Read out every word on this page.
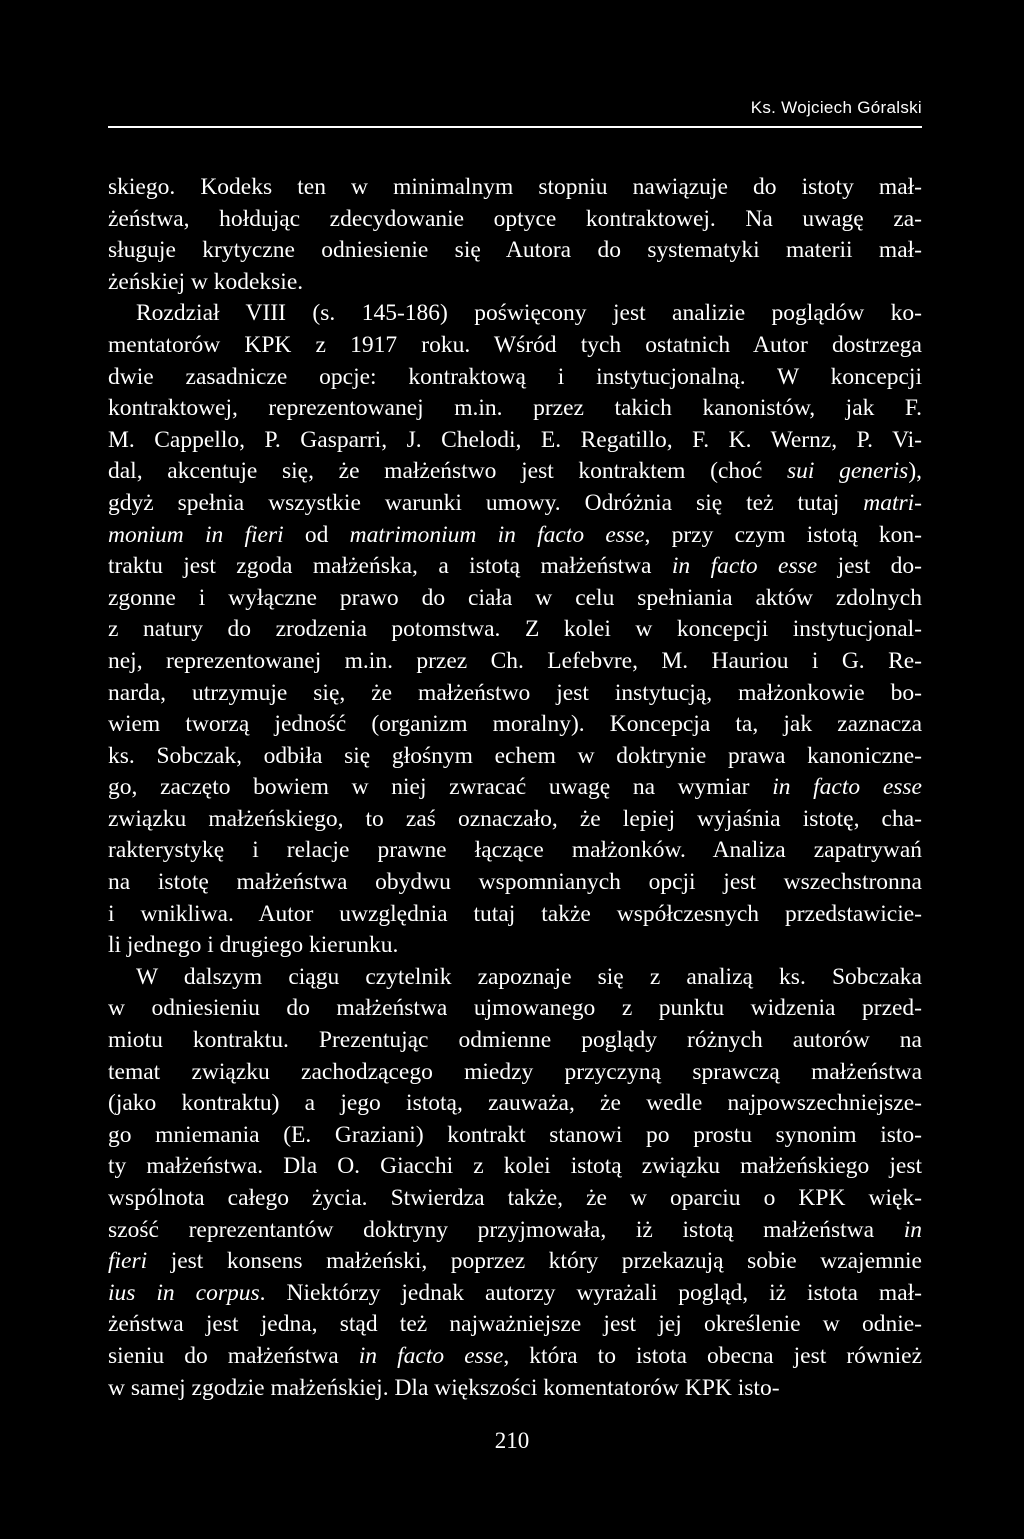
Ks. Wojciech Góralski
skiego. Kodeks ten w minimalnym stopniu nawiązuje do istoty mał-
żeństwa, hołdując zdecydowanie optyce kontraktowej. Na uwagę za-
sługuje krytyczne odniesienie się Autora do systematyki materii mał-
żeńskiej w kodeksie.
Rozdział VIII (s. 145-186) poświęcony jest analizie poglądów ko-
mentatorów KPK z 1917 roku. Wśród tych ostatnich Autor dostrzega
dwie zasadnicze opcje: kontraktową i instytucjonalną. W koncepcji
kontraktowej, reprezentowanej m.in. przez takich kanonistów, jak F.
M. Cappello, P. Gasparri, J. Chelodi, E. Regatillo, F. K. Wernz, P. Vi-
dal, akcentuje się, że małżeństwo jest kontraktem (choć sui generis),
gdyż spełnia wszystkie warunki umowy. Odróżnia się też tutaj matri-
monium in fieri od matrimonium in facto esse, przy czym istotą kon-
traktu jest zgoda małżeńska, a istotą małżeństwa in facto esse jest do-
zgonne i wyłączne prawo do ciała w celu spełniania aktów zdolnych
z natury do zrodzenia potomstwa. Z kolei w koncepcji instytucjonal-
nej, reprezentowanej m.in. przez Ch. Lefebvre, M. Hauriou i G. Re-
narda, utrzymuje się, że małżeństwo jest instytucją, małżonkowie bo-
wiem tworzą jedność (organizm moralny). Koncepcja ta, jak zaznacza
ks. Sobczak, odbiła się głośnym echem w doktrynie prawa kanoniczne-
go, zaczęto bowiem w niej zwracać uwagę na wymiar in facto esse
związku małżeńskiego, to zaś oznaczało, że lepiej wyjaśnia istotę, cha-
rakterystykę i relacje prawne łączące małżonków. Analiza zapatrywań
na istotę małżeństwa obydwu wspomnianych opcji jest wszechstronna
i wnikliwa. Autor uwzględnia tutaj także współczesnych przedstawicie-
li jednego i drugiego kierunku.
W dalszym ciągu czytelnik zapoznaje się z analizą ks. Sobczaka
w odniesieniu do małżeństwa ujmowanego z punktu widzenia przed-
miotu kontraktu. Prezentując odmienne poglądy różnych autorów na
temat związku zachodzącego miedzy przyczyną sprawczą małżeństwa
(jako kontraktu) a jego istotą, zauważa, że wedle najpowszechniejsze-
go mniemania (E. Graziani) kontrakt stanowi po prostu synonim isto-
ty małżeństwa. Dla O. Giacchi z kolei istotą związku małżeńskiego jest
wspólnota całego życia. Stwierdza także, że w oparciu o KPK więk-
szość reprezentantów doktryny przyjmowała, iż istotą małżeństwa in
fieri jest konsens małżeński, poprzez który przekazują sobie wzajemnie
ius in corpus. Niektórzy jednak autorzy wyrażali pogląd, iż istota mał-
żeństwa jest jedna, stąd też najważniejsze jest jej określenie w odnie-
sieniu do małżeństwa in facto esse, która to istota obecna jest również
w samej zgodzie małżeńskiej. Dla większości komentatorów KPK isto-
210
